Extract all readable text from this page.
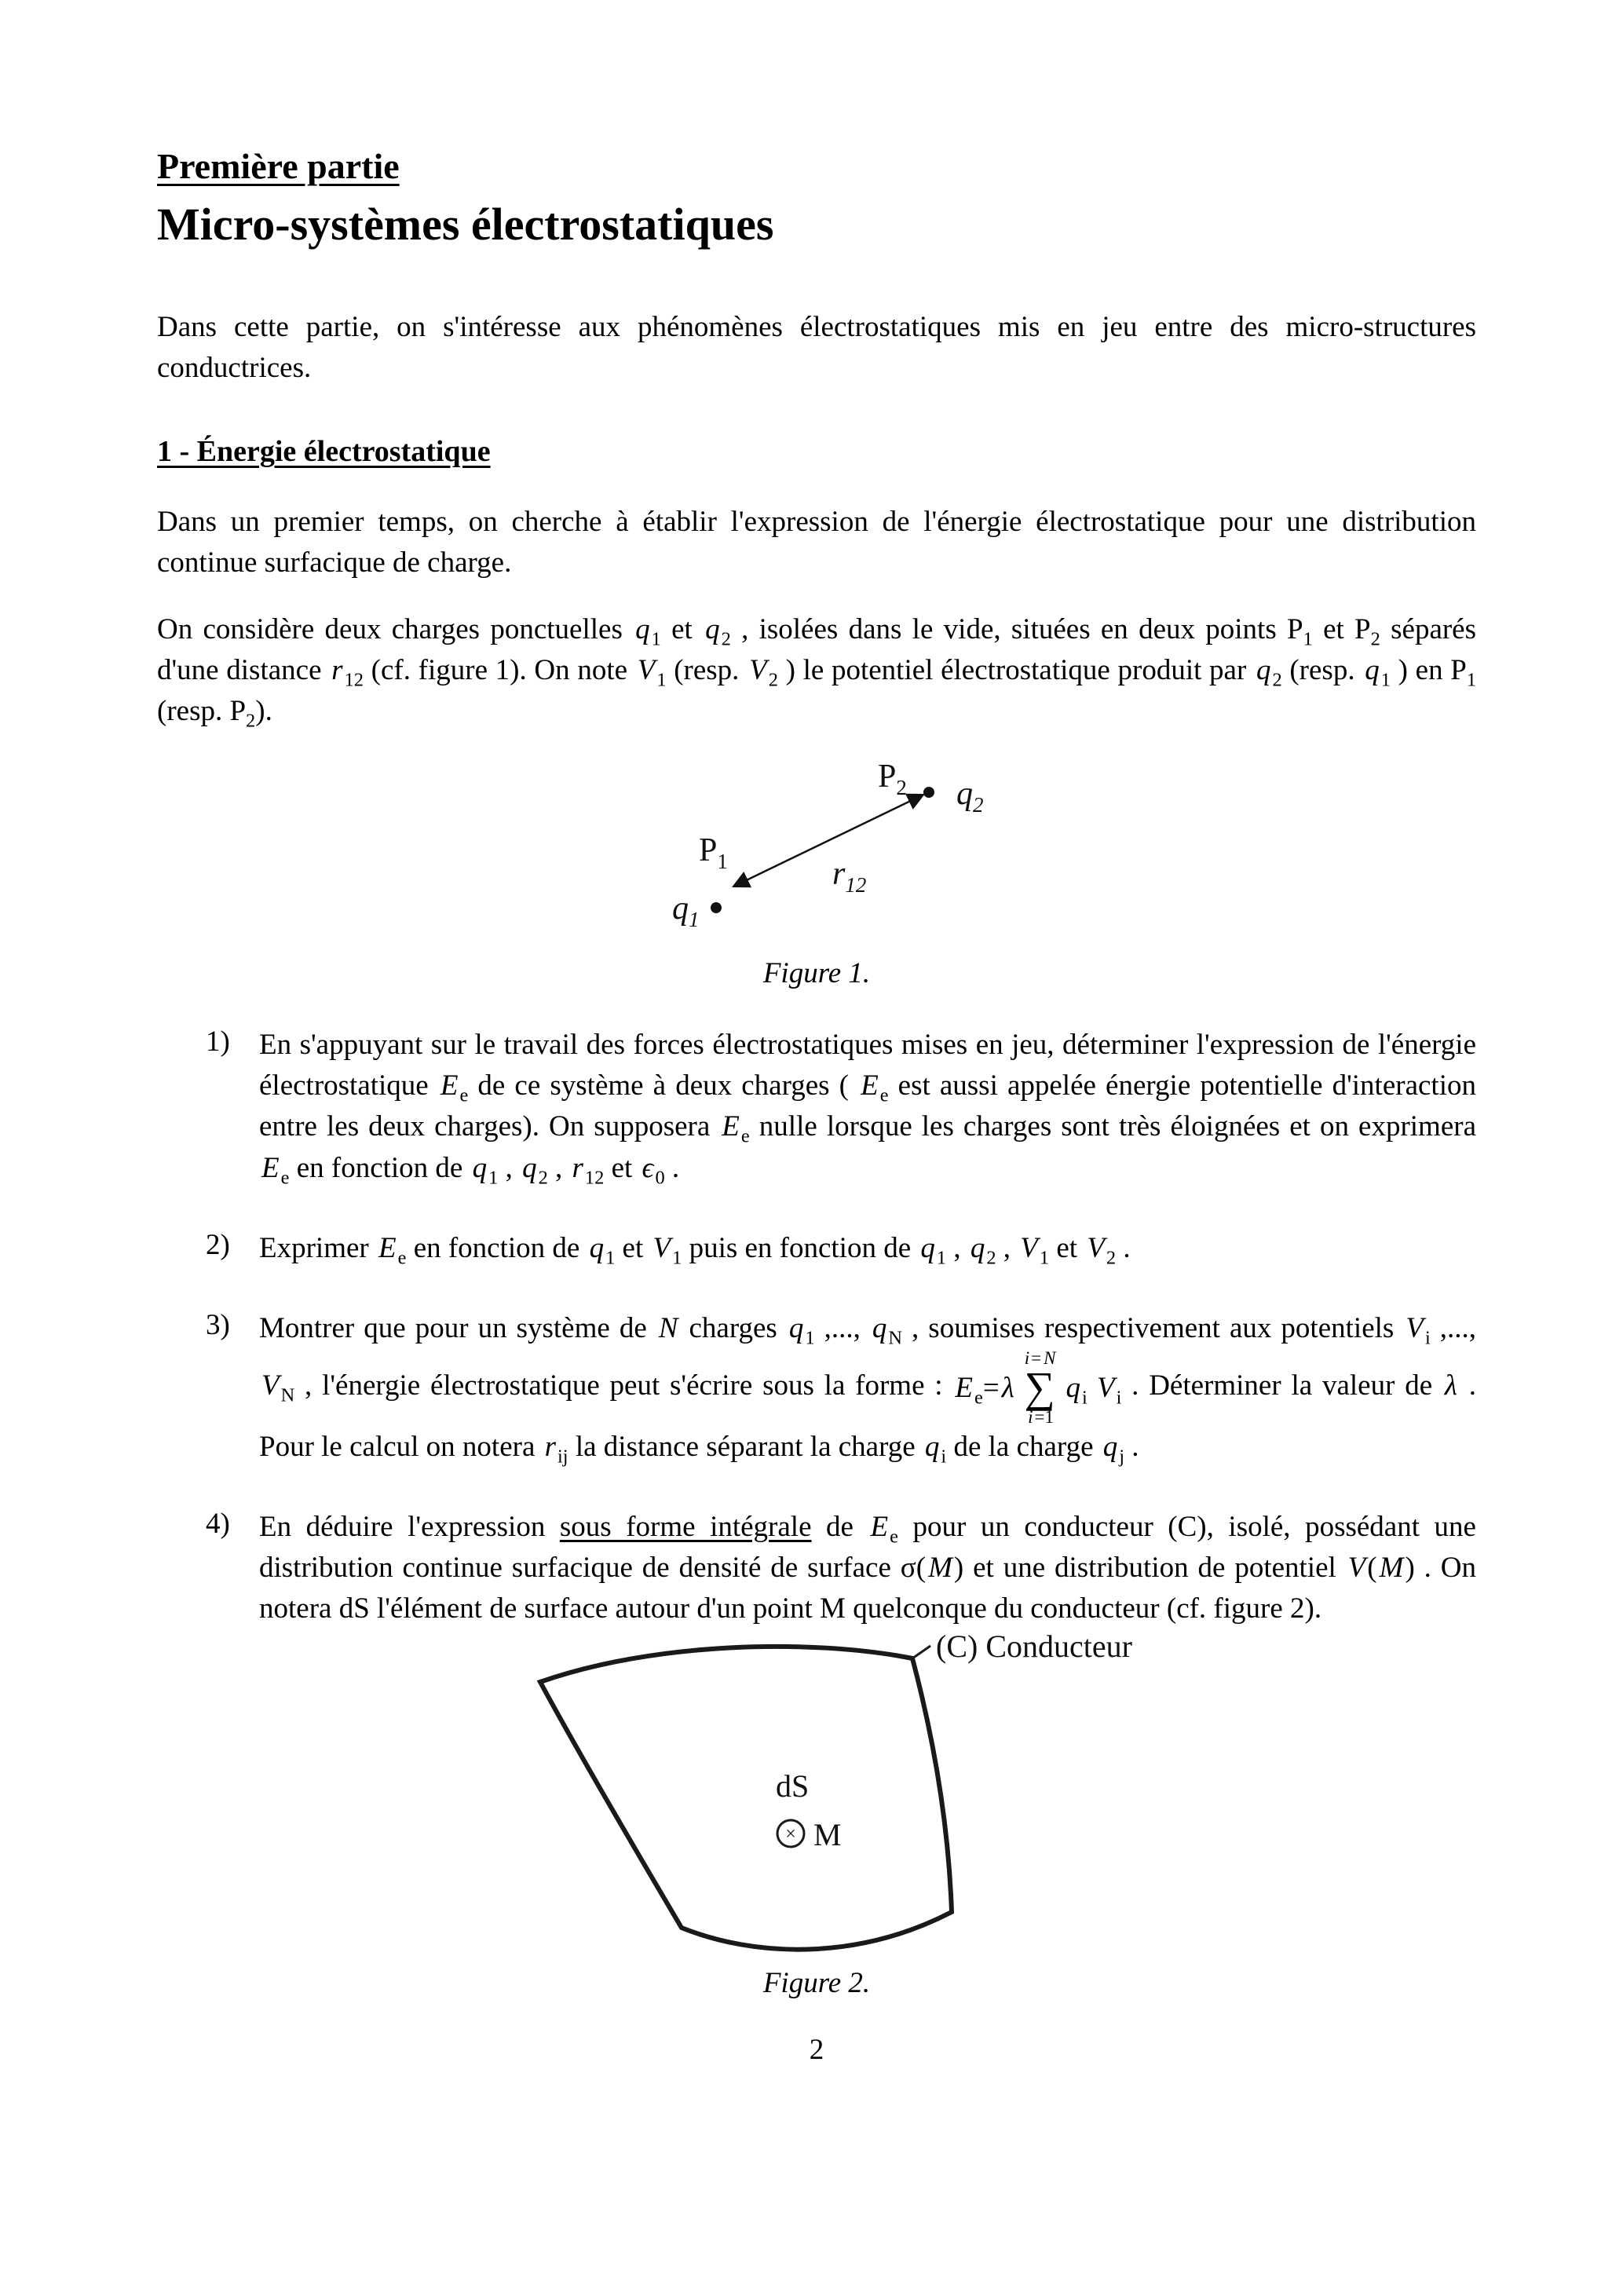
Première partie
Micro-systèmes électrostatiques

Dans cette partie, on s'intéresse aux phénomènes électrostatiques mis en jeu entre des micro-structures conductrices.

1 - Énergie électrostatique

Dans un premier temps, on cherche à établir l'expression de l'énergie électrostatique pour une distribution continue surfacique de charge.

On considère deux charges ponctuelles $q_1$ et $q_2$ , isolées dans le vide, situées en deux points $P_1$ et $P_2$ séparés d'une distance $r_{12}$ (cf. figure 1). On note $V_1$ (resp. $V_2$ ) le potentiel électrostatique produit par $q_2$ (resp. $q_1$ ) en $P_1$ (resp. $P_2$).

$P_2$ $q_2$
$P_1$
$q_1$
$r_{12}$
Figure 1.
1) En s'appuyant sur le travail des forces électrostatiques mises en jeu, déterminer l'expression de l'énergie électrostatique $E_e$ de ce système à deux charges ( $E_e$ est aussi appelée énergie potentielle d'interaction entre les deux charges). On supposera $E_e$ nulle lorsque les charges sont très éloignées et on exprimera $E_e$ en fonction de $q_1$ , $q_2$ , $r_{12}$ et $\epsilon_0$ .
2) Exprimer $E_e$ en fonction de $q_1$ et $V_1$ puis en fonction de $q_1$ , $q_2$ , $V_1$ et $V_2$ .
3) Montrer que pour un système de N charges $q_1$ ,..., $q_N$ , soumises respectivement aux potentiels $V_i$ ,..., $V_N$ , l'énergie électrostatique peut s'écrire sous la forme : $E_e=\lambda$
i= N
∑
i=1
$q_i$ $V_i$ . Déterminer la valeur de λ . Pour le calcul on notera $r_{ij}$ la distance séparant la charge $q_i$ de la charge $q_j$ .
4) En déduire l'expression sous forme intégrale de $E_e$ pour un conducteur (C), isolé, possédant une distribution continue surfacique de densité de surface σ(M) et une distribution de potentiel V(M) . On notera dS l'élément de surface autour d'un point M quelconque du conducteur (cf. figure 2).
(C) Conducteur
dS
× M
Figure 2.
2
